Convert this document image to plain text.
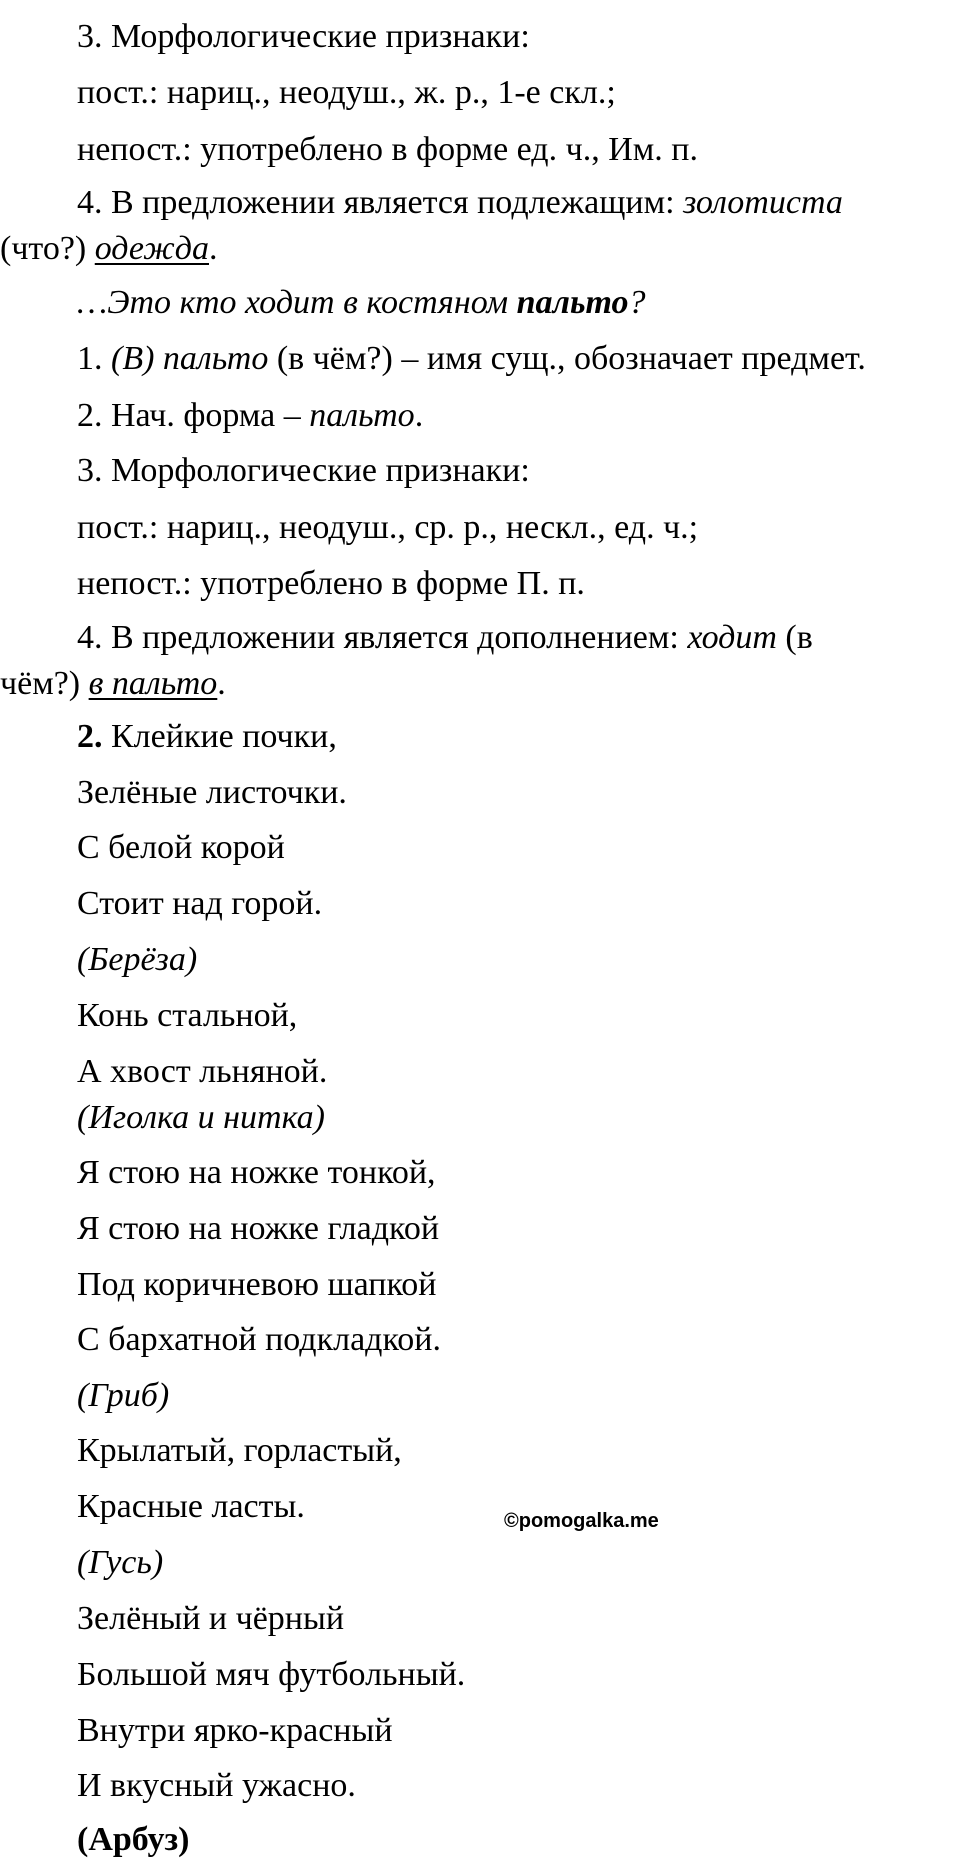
3. Морфологические признаки:
пост.: нариц., неодуш., ж. р., 1-е скл.;
непост.: употреблено в форме ед. ч., Им. п.
4. В предложении является подлежащим: золотиста
(что?) одежда.
…Это кто ходит в костяном пальто?
1. (В) пальто (в чём?) – имя сущ., обозначает предмет.
2. Нач. форма – пальто.
3. Морфологические признаки:
пост.: нариц., неодуш., ср. р., нескл., ед. ч.;
непост.: употреблено в форме П. п.
4. В предложении является дополнением: ходит (в
чём?) в пальто.
2. Клейкие почки,
Зелёные листочки.
С белой корой
Стоит над горой.
(Берёза)
Конь стальной,
А хвост льняной.
(Иголка и нитка)
Я стою на ножке тонкой,
Я стою на ножке гладкой
Под коричневою шапкой
С бархатной подкладкой.
(Гриб)
Крылатый, горластый,
Красные ласты.
(Гусь)
Зелёный и чёрный
Большой мяч футбольный.
Внутри ярко-красный
И вкусный ужасно.
(Арбуз)
©pomogalka.me
